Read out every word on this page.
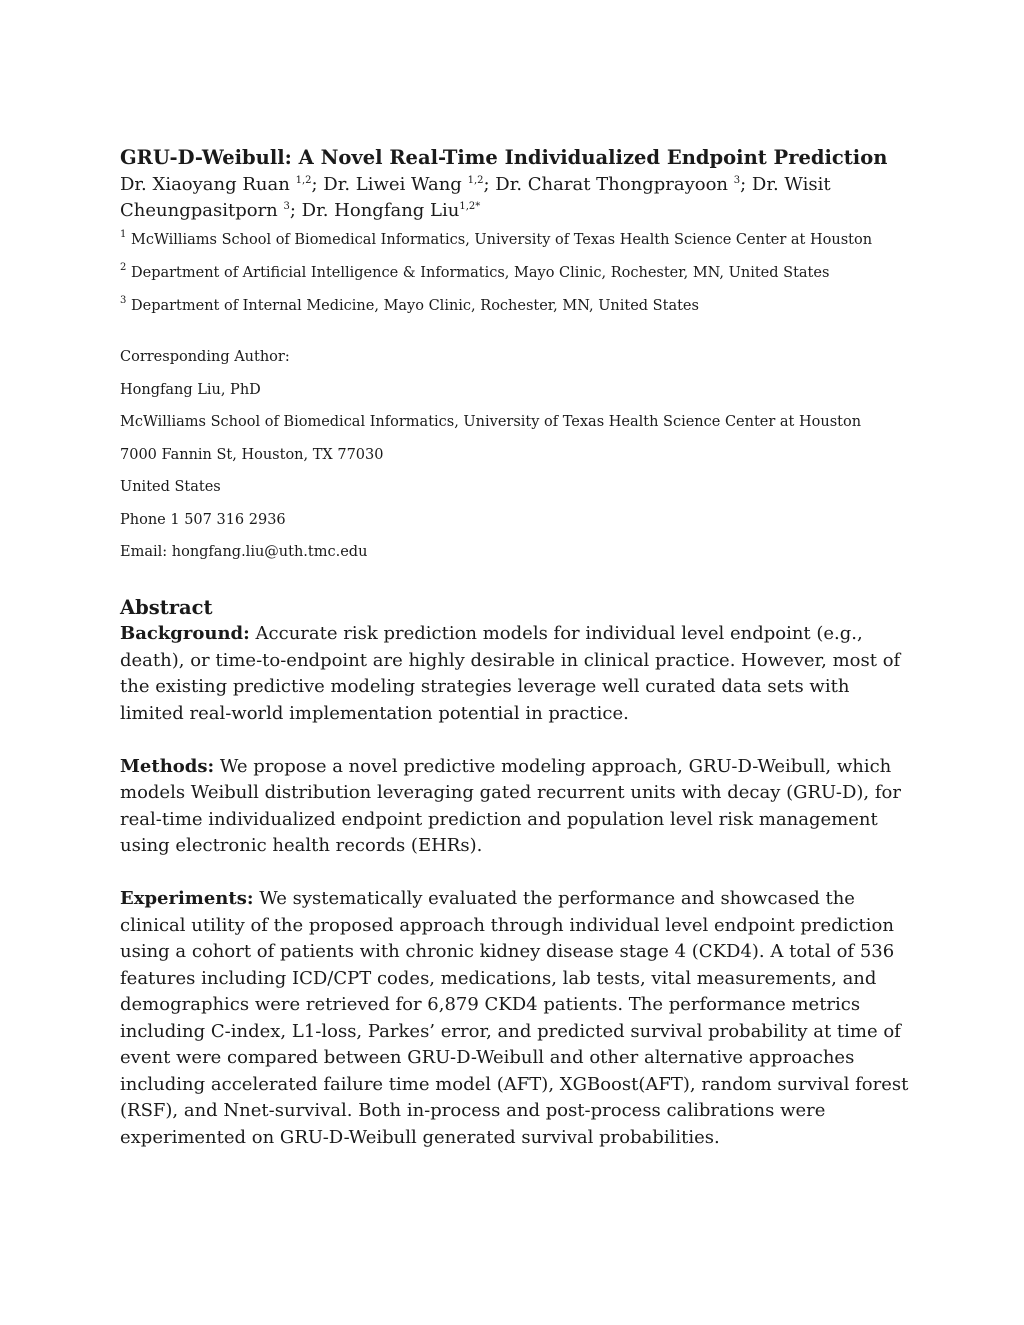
GRU-D-Weibull: A Novel Real-Time Individualized Endpoint Prediction

Dr. Xiaoyang Ruan $^{1,2}$; Dr. Liwei Wang $^{1,2}$; Dr. Charat Thongprayoon $^3$; Dr. Wisit Cheungpasitporn $^3$; Dr. Hongfang Liu$^{1,2*}$

$^1$ McWilliams School of Biomedical Informatics, University of Texas Health Science Center at Houston

$^2$ Department of Artificial Intelligence & Informatics, Mayo Clinic, Rochester, MN, United States

$^3$ Department of Internal Medicine, Mayo Clinic, Rochester, MN, United States

Corresponding Author:

Hongfang Liu, PhD

McWilliams School of Biomedical Informatics, University of Texas Health Science Center at Houston

7000 Fannin St, Houston, TX 77030

United States

Phone 1 507 316 2936

Email: hongfang.liu@uth.tmc.edu

Abstract

Background: Accurate risk prediction models for individual level endpoint (e.g., death), or time-to-endpoint are highly desirable in clinical practice. However, most of the existing predictive modeling strategies leverage well curated data sets with limited real-world implementation potential in practice.

Methods: We propose a novel predictive modeling approach, GRU-D-Weibull, which models Weibull distribution leveraging gated recurrent units with decay (GRU-D), for real-time individualized endpoint prediction and population level risk management using electronic health records (EHRs).

Experiments: We systematically evaluated the performance and showcased the clinical utility of the proposed approach through individual level endpoint prediction using a cohort of patients with chronic kidney disease stage 4 (CKD4). A total of 536 features including ICD/CPT codes, medications, lab tests, vital measurements, and demographics were retrieved for 6,879 CKD4 patients. The performance metrics including C-index, L1-loss, Parkes’ error, and predicted survival probability at time of event were compared between GRU-D-Weibull and other alternative approaches including accelerated failure time model (AFT), XGBoost(AFT), random survival forest (RSF), and Nnet-survival. Both in-process and post-process calibrations were experimented on GRU-D-Weibull generated survival probabilities.
